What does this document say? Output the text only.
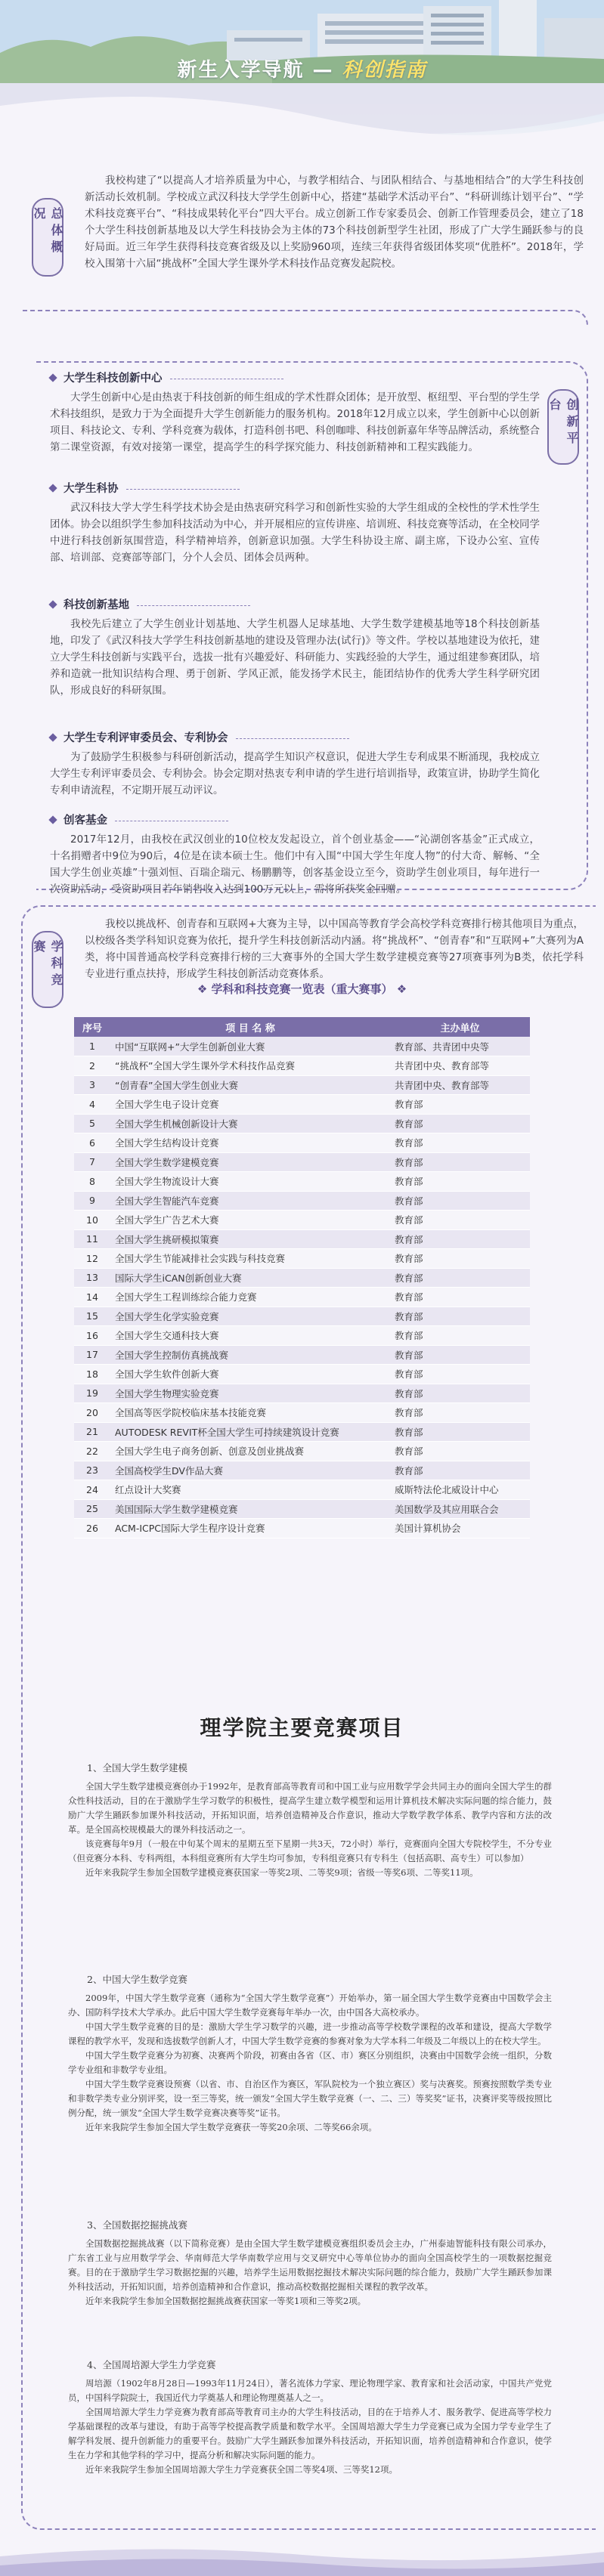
新生入学导航 — 科创指南
总体概况
我校构建了“以提高人才培养质量为中心，与教学相结合、与团队相结合、与基地相结合”的大学生科技创新活动长效机制。学校成立武汉科技大学学生创新中心，搭建“基础学术活动平台”、“科研训练计划平台”、“学术科技竞赛平台”、“科技成果转化平台”四大平台。成立创新工作专家委员会、创新工作管理委员会，建立了18个大学生科技创新基地及以大学生科技协会为主体的73个科技创新型学生社团，形成了广大学生踊跃参与的良好局面。近三年学生获得科技竞赛省级及以上奖励960项，连续三年获得省级团体奖项“优胜杯”。2018年，学校入围第十六届“挑战杯”全国大学生课外学术科技作品竞赛发起院校。
创新平台
大学生科技创新中心
大学生创新中心是由热衷于科技创新的师生组成的学术性群众团体；是开放型、枢纽型、平台型的学生学术科技组织，是致力于为全面提升大学生创新能力的服务机构。2018年12月成立以来，学生创新中心以创新项目、科技论文、专利、学科竞赛为载体，打造科创书吧、科创咖啡、科技创新嘉年华等品牌活动，系统整合第二课堂资源，有效对接第一课堂，提高学生的科学探究能力、科技创新精神和工程实践能力。
大学生科协
武汉科技大学大学生科学技术协会是由热衷研究科学习和创新性实验的大学生组成的全校性的学术性学生团体。协会以组织学生参加科技活动为中心，并开展相应的宣传讲座、培训班、科技竞赛等活动，在全校同学中进行科技创新氛围营造，科学精神培养，创新意识加强。大学生科协设主席、副主席，下设办公室、宣传部、培训部、竞赛部等部门，分个人会员、团体会员两种。
科技创新基地
我校先后建立了大学生创业计划基地、大学生机器人足球基地、大学生数学建模基地等18个科技创新基地，印发了《武汉科技大学学生科技创新基地的建设及管理办法(试行)》等文件。学校以基地建设为依托，建立大学生科技创新与实践平台，选拔一批有兴趣爱好、科研能力、实践经验的大学生，通过组建参赛团队，培养和造就一批知识结构合理、勇于创新、学风正派，能发扬学术民主，能团结协作的优秀大学生科学研究团队，形成良好的科研氛围。
大学生专利评审委员会、专利协会
为了鼓励学生积极参与科研创新活动，提高学生知识产权意识，促进大学生专利成果不断涌现，我校成立大学生专利评审委员会、专利协会。协会定期对热衷专利申请的学生进行培训指导，政策宣讲，协助学生简化专利申请流程，不定期开展互动评议。
创客基金
2017年12月，由我校在武汉创业的10位校友发起设立，首个创业基金——“沁湖创客基金”正式成立，十名捐赠者中9位为90后，4位是在读本硕士生。他们中有入围“中国大学生年度人物”的付大奇、解畅、“全国大学生创业英雄”十强刘恒、百瑞企瑞元、杨鹏鹏等，创客基金设立至今，资助学生创业项目，每年进行一次资助活动，受资助项目若年销售收入达到100万元以上，需将所获奖金回赠。
学科竞赛
我校以挑战杯、创青春和互联网+大赛为主导，以中国高等教育学会高校学科竞赛排行榜其他项目为重点，以校级各类学科知识竞赛为依托，提升学生科技创新活动内涵。将“挑战杯”、“创青春”和“互联网+”大赛列为A类，将中国普通高校学科竞赛排行榜的三大赛事外的全国大学生数学建模竞赛等27项赛事列为B类，依托学科专业进行重点扶持，形成学生科技创新活动竞赛体系。
❖ 学科和科技竞赛一览表（重大赛事） ❖
序号	项 目 名 称	主办单位
1	中国“互联网+”大学生创新创业大赛	教育部、共青团中央等
2	“挑战杯”全国大学生课外学术科技作品竞赛	共青团中央、教育部等
3	“创青春”全国大学生创业大赛	共青团中央、教育部等
4	全国大学生电子设计竞赛	教育部
5	全国大学生机械创新设计大赛	教育部
6	全国大学生结构设计竞赛	教育部
7	全国大学生数学建模竞赛	教育部
8	全国大学生物流设计大赛	教育部
9	全国大学生智能汽车竞赛	教育部
10	全国大学生广告艺术大赛	教育部
11	全国大学生挑研模拟策赛	教育部
12	全国大学生节能减排社会实践与科技竞赛	教育部
13	国际大学生iCAN创新创业大赛	教育部
14	全国大学生工程训练综合能力竞赛	教育部
15	全国大学生化学实验竞赛	教育部
16	全国大学生交通科技大赛	教育部
17	全国大学生控制仿真挑战赛	教育部
18	全国大学生软件创新大赛	教育部
19	全国大学生物理实验竞赛	教育部
20	全国高等医学院校临床基本技能竞赛	教育部
21	AUTODESK REVIT杯全国大学生可持续建筑设计竞赛	教育部
22	全国大学生电子商务创新、创意及创业挑战赛	教育部
23	全国高校学生DV作品大赛	教育部
24	红点设计大奖赛	威斯特法伦北威设计中心
25	美国国际大学生数学建模竞赛	美国数学及其应用联合会
26	ACM-ICPC国际大学生程序设计竞赛	美国计算机协会
理学院主要竞赛项目
1、全国大学生数学建模
全国大学生数学建模竞赛创办于1992年，是教育部高等教育司和中国工业与应用数学学会共同主办的面向全国大学生的群众性科技活动，目的在于激励学生学习数学的积极性，提高学生建立数学模型和运用计算机技术解决实际问题的综合能力，鼓励广大学生踊跃参加课外科技活动，开拓知识面，培养创造精神及合作意识，推动大学数学教学体系、教学内容和方法的改革。是全国高校规模最大的课外科技活动之一。
该竞赛每年9月（一般在中旬某个周末的星期五至下星期一共3天，72小时）举行，竞赛面向全国大专院校学生，不分专业（但竞赛分本科、专科两组，本科组竞赛所有大学生均可参加，专科组竞赛只有专科生（包括高职、高专生）可以参加）
近年来我院学生参加全国数学建模竞赛获国家一等奖2项、二等奖9项；省级一等奖6项、二等奖11项。
2、中国大学生数学竞赛
2009年，中国大学生数学竞赛（通称为“全国大学生数学竞赛”）开始举办，第一届全国大学生数学竞赛由中国数学会主办、国防科学技术大学承办。此后中国大学生数学竞赛每年举办一次，由中国各大高校承办。
中国大学生数学竞赛的目的是：激励大学生学习数学的兴趣，进一步推动高等学校数学课程的改革和建设，提高大学数学课程的教学水平，发现和选拔数学创新人才，中国大学生数学竞赛的参赛对象为大学本科二年级及二年级以上的在校大学生。
中国大学生数学竞赛分为初赛、决赛两个阶段，初赛由各省（区、市）赛区分别组织，决赛由中国数学会统一组织，分数学专业组和非数学专业组。
中国大学生数学竞赛设预赛（以省、市、自治区作为赛区，军队院校为一个独立赛区）奖与决赛奖。预赛按照数学类专业和非数学类专业分别评奖，设一至三等奖，统一颁发“全国大学生数学竞赛（一、二、三）等奖奖”证书，决赛评奖等级按照比例分配，统一颁发“全国大学生数学竞赛决赛等奖”证书。
近年来我院学生参加全国大学生数学竞赛获一等奖20余项、二等奖66余项。
3、全国数据挖掘挑战赛
全国数据挖掘挑战赛（以下简称竞赛）是由全国大学生数学建模竞赛组织委员会主办，广州泰迪智能科技有限公司承办，广东省工业与应用数学学会、华南师范大学华南数学应用与交叉研究中心等单位协办的面向全国高校学生的一项数据挖掘竞赛。目的在于激励学生学习数据挖掘的兴趣，培养学生运用数据挖掘技术解决实际问题的综合能力，鼓励广大学生踊跃参加课外科技活动，开拓知识面，培养创造精神和合作意识，推动高校数据挖掘相关课程的教学改革。
近年来我院学生参加全国数据挖掘挑战赛获国家一等奖1项和三等奖2项。
4、全国周培源大学生力学竞赛
周培源（1902年8月28日—1993年11月24日），著名流体力学家、理论物理学家、教育家和社会活动家，中国共产党党员，中国科学院院士，我国近代力学奠基人和理论物理奠基人之一。
全国周培源大学生力学竞赛为教育部高等教育司主办的大学生科技活动，目的在于培养人才、服务教学、促进高等学校力学基础课程的改革与建设，有助于高等学校提高教学质量和数学水平。全国周培源大学生力学竞赛已成为全国力学专业学生了解学科发展、提升创新能力的重要平台。鼓励广大学生踊跃参加课外科技活动，开拓知识面，培养创造精神和合作意识，使学生在力学和其他学科的学习中，提高分析和解决实际问题的能力。
近年来我院学生参加全国周培源大学生力学竞赛获全国二等奖4项、三等奖12项。
